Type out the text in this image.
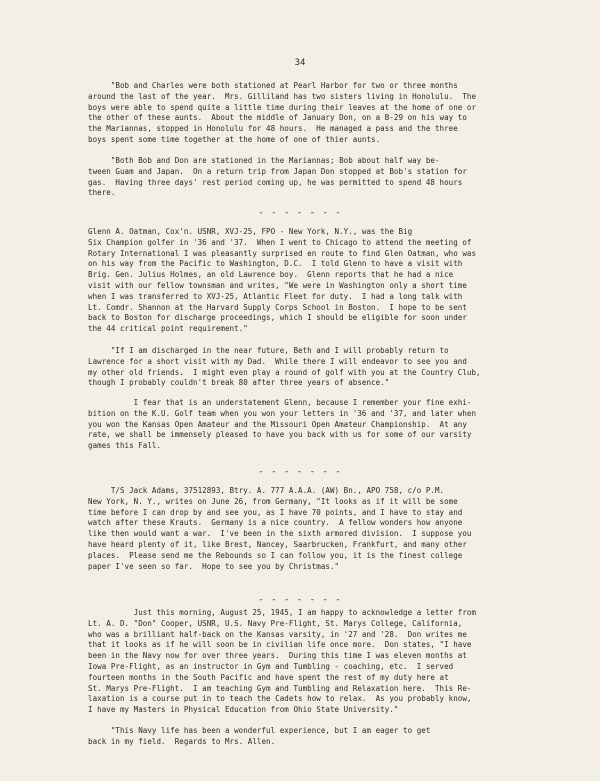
34

"Bob and Charles were both stationed at Pearl Harbor for two or three months
around the last of the year.  Mrs. Gilliland has two sisters living in Honolulu.  The
boys were able to spend quite a little time during their leaves at the home of one or
the other of these aunts.  About the middle of January Don, on a B-29 on his way to
the Mariannas, stopped in Honolulu for 48 hours.  He managed a pass and the three
boys spent some time together at the home of one of thier aunts.

"Both Bob and Don are stationed in the Mariannas; Bob about half way be-
tween Guam and Japan.  On a return trip from Japan Don stopped at Bob's station for
gas.  Having three days' rest period coming up, he was permitted to spend 48 hours
there.

- - - - - - -

Glenn A. Oatman, Cox'n. USNR, XVJ-25, FPO - New York, N.Y., was the Big
Six Champion golfer in '36 and '37.  When I went to Chicago to attend the meeting of
Rotary International I was pleasantly surprised en route to find Glen Oatman, who was
on his way from the Pacific to Washington, D.C.  I told Glenn to have a visit with
Brig. Gen. Julius Holmes, an old Lawrence boy.  Glenn reports that he had a nice
visit with our fellow townsman and writes, "We were in Washington only a short time
when I was transferred to XVJ-25, Atlantic Fleet for duty.  I had a long talk with
Lt. Comdr. Shannon at the Harvard Supply Corps School in Boston.  I hope to be sent
back to Boston for discharge proceedings, which I should be eligible for soon under
the 44 critical point requirement."

"If I am discharged in the near future, Beth and I will probably return to
Lawrence for a short visit with my Dad.  While there I will endeavor to see you and
my other old friends.  I might even play a round of golf with you at the Country Club,
though I probably couldn't break 80 after three years of absence."

I fear that is an understatement Glenn, because I remember your fine exhi-
bition on the K.U. Golf team when you won your letters in '36 and '37, and later when
you won the Kansas Open Amateur and the Missouri Open Amateur Championship.  At any
rate, we shall be immensely pleased to have you back with us for some of our varsity
games this Fall.

- - - - - - -

T/S Jack Adams, 37512893, Btry. A. 777 A.A.A. (AW) Bn., APO 758, c/o P.M.
New York, N. Y., writes on June 26, from Germany, "It looks as if it will be some
time before I can drop by and see you, as I have 70 points, and I have to stay and
watch after these Krauts.  Germany is a nice country.  A fellow wonders how anyone
like then would want a war.  I've been in the sixth armored division.  I suppose you
have heard plenty of it, like Brest, Nancey, Saarbrucken, Frankfurt, and many other
places.  Please send me the Rebounds so I can follow you, it is the finest college
paper I've seen so far.  Hope to see you by Christmas."

- - - - - - -

Just this morning, August 25, 1945, I am happy to acknowledge a letter from
Lt. A. D. "Don" Cooper, USNR, U.S. Navy Pre-Flight, St. Marys College, California,
who was a brilliant half-back on the Kansas varsity, in '27 and '28.  Don writes me
that it looks as if he will soon be in civilian life once more.  Don states, "I have
been in the Navy now for over three years.  During this time I was eleven months at
Iowa Pre-Flight, as an instructor in Gym and Tumbling - coaching, etc.  I served
fourteen months in the South Pacific and have spent the rest of my duty here at
St. Marys Pre-Flight.  I am teaching Gym and Tumbling and Relaxation here.  This Re-
laxation is a course put in to teach the Cadets how to relax.  As you probably know,
I have my Masters in Physical Education from Ohio State University."

"This Navy life has been a wonderful experience, but I am eager to get
back in my field.  Regards to Mrs. Allen.
